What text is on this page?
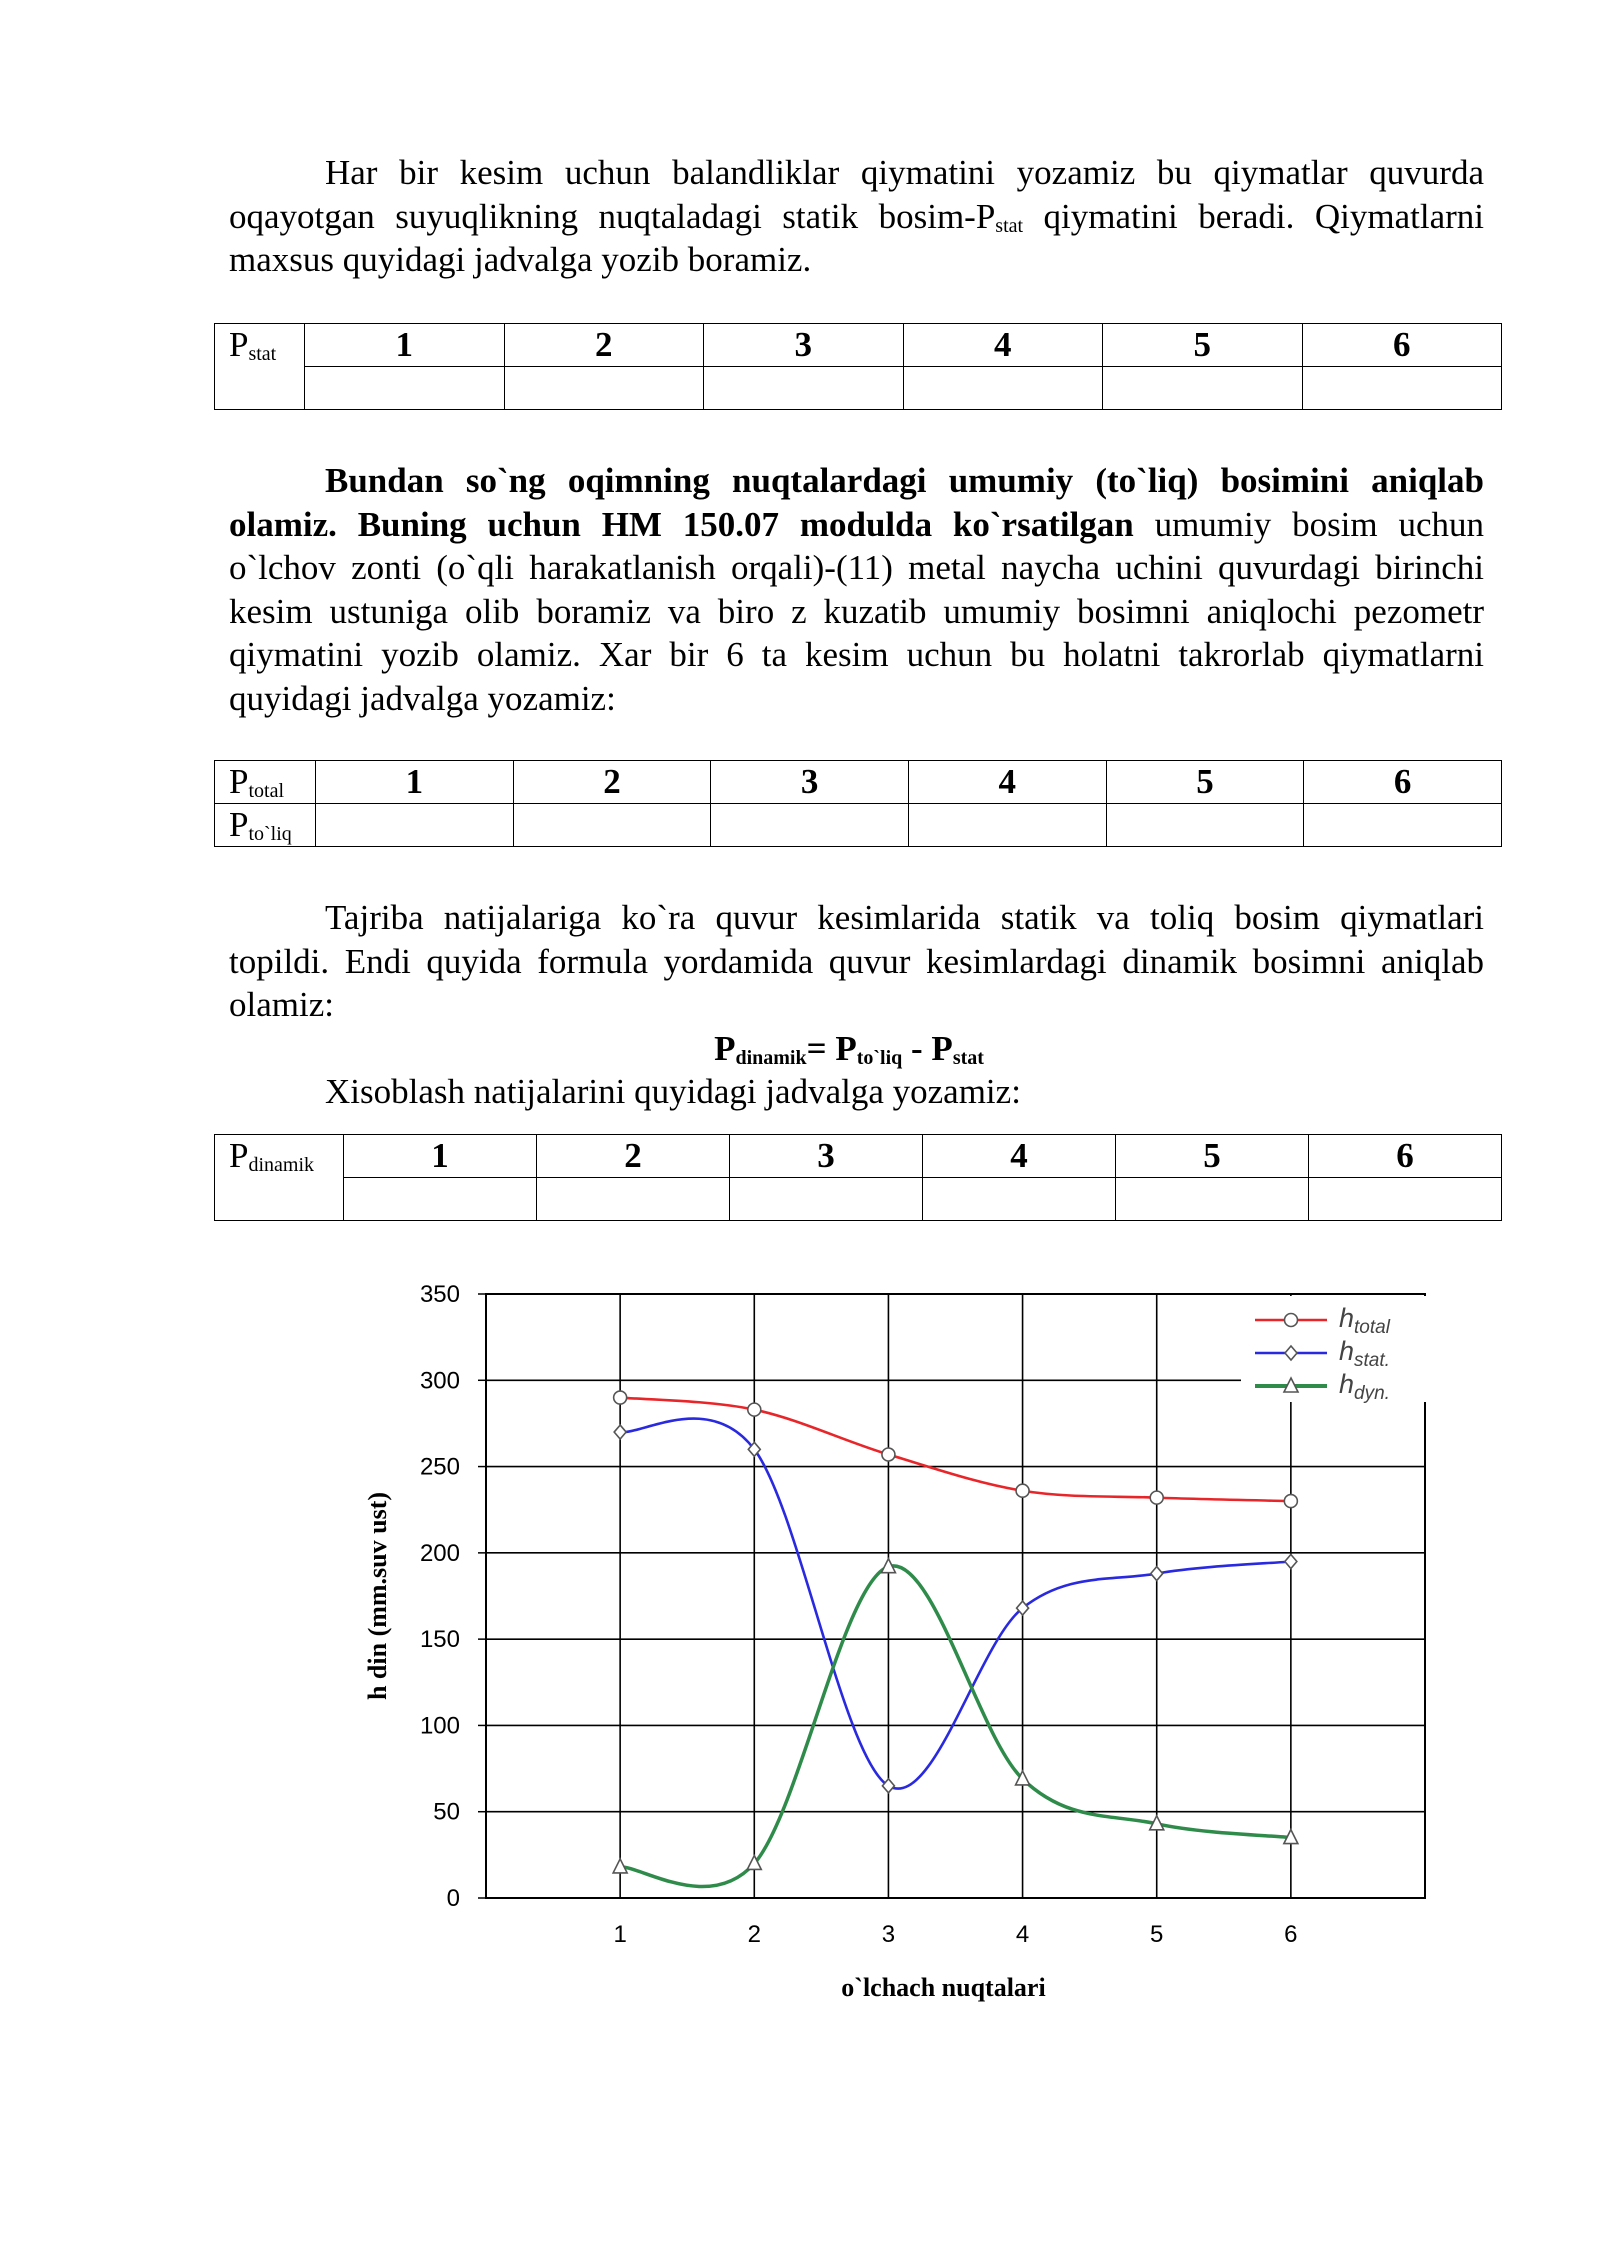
Har bir kesim uchun balandliklar qiymatini yozamiz bu qiymatlar quvurda oqayotgan suyuqlikning nuqtaladagi statik bosim-$P_{stat}$ qiymatini beradi. Qiymatlarni maxsus quyidagi jadvalga yozib boramiz.

$P_{stat}$	1	2	3	4	5	6

Bundan so`ng oqimning nuqtalardagi umumiy (to`liq) bosimini aniqlab olamiz. Buning uchun HM 150.07 modulda ko`rsatilgan umumiy bosim uchun o`lchov zonti (o`qli harakatlanish orqali)-(11) metal naycha uchini quvurdagi birinchi kesim ustuniga olib boramiz va biro z kuzatib umumiy bosimni aniqlochi pezometr qiymatini yozib olamiz. Xar bir 6 ta kesim uchun bu holatni takrorlab qiymatlarni quyidagi jadvalga yozamiz:

$P_{total}$	1	2	3	4	5	6
$P_{to`liq}$						

Tajriba natijalariga ko`ra quvur kesimlarida statik va toliq bosim qiymatlari topildi. Endi quyida formula yordamida quvur kesimlardagi dinamik bosimni aniqlab olamiz:

$P_{dinamik}= P_{to`liq} - P_{stat}$

Xisoblash natijalarini quyidagi jadvalga yozamiz:

$P_{dinamik}$	1	2	3	4	5	6

0
50
100
150
200
250
300
350
1	2	3	4	5	6
o`lchach nuqtalari
h din (mm.suv ust)
$h_{total}$
$h_{stat.}$
$h_{dyn.}$
